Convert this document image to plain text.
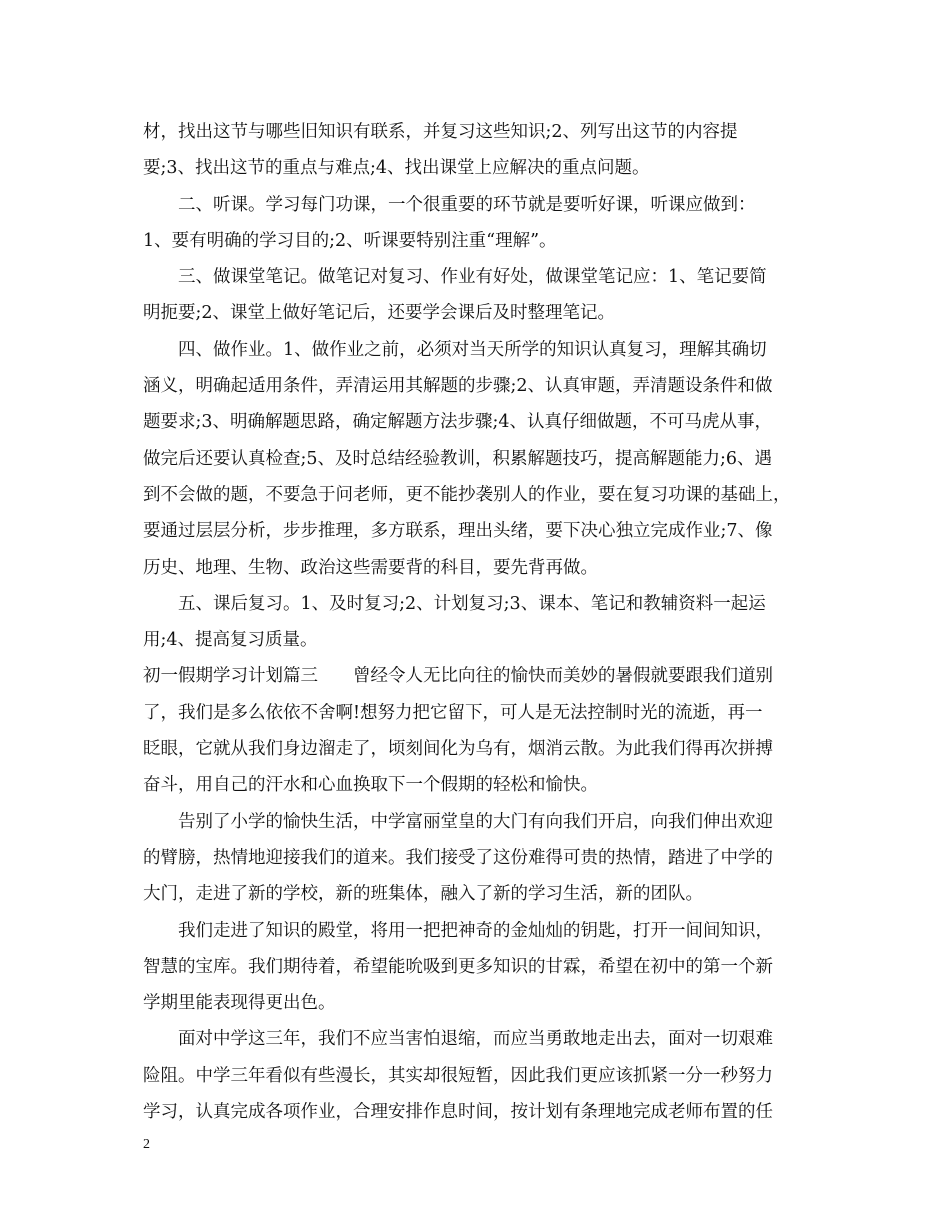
材，找出这节与哪些旧知识有联系，并复习这些知识;2、列写出这节的内容提
要;3、找出这节的重点与难点;4、找出课堂上应解决的重点问题。
二、听课。学习每门功课，一个很重要的环节就是要听好课，听课应做到：
1、要有明确的学习目的;2、听课要特别注重“理解”。
三、做课堂笔记。做笔记对复习、作业有好处，做课堂笔记应：1、笔记要简
明扼要;2、课堂上做好笔记后，还要学会课后及时整理笔记。
四、做作业。1、做作业之前，必须对当天所学的知识认真复习，理解其确切
涵义，明确起适用条件，弄清运用其解题的步骤;2、认真审题，弄清题设条件和做
题要求;3、明确解题思路，确定解题方法步骤;4、认真仔细做题，不可马虎从事，
做完后还要认真检查;5、及时总结经验教训，积累解题技巧，提高解题能力;6、遇
到不会做的题，不要急于问老师，更不能抄袭别人的作业，要在复习功课的基础上，
要通过层层分析，步步推理，多方联系，理出头绪，要下决心独立完成作业;7、像
历史、地理、生物、政治这些需要背的科目，要先背再做。
五、课后复习。1、及时复习;2、计划复习;3、课本、笔记和教辅资料一起运
用;4、提高复习质量。
初一假期学习计划篇三　　曾经令人无比向往的愉快而美妙的暑假就要跟我们道别
了，我们是多么依依不舍啊!想努力把它留下，可人是无法控制时光的流逝，再一
眨眼，它就从我们身边溜走了，顷刻间化为乌有，烟消云散。为此我们得再次拼搏
奋斗，用自己的汗水和心血换取下一个假期的轻松和愉快。
告别了小学的愉快生活，中学富丽堂皇的大门有向我们开启，向我们伸出欢迎
的臂膀，热情地迎接我们的道来。我们接受了这份难得可贵的热情，踏进了中学的
大门，走进了新的学校，新的班集体，融入了新的学习生活，新的团队。
我们走进了知识的殿堂，将用一把把神奇的金灿灿的钥匙，打开一间间知识，
智慧的宝库。我们期待着，希望能吮吸到更多知识的甘霖，希望在初中的第一个新
学期里能表现得更出色。
面对中学这三年，我们不应当害怕退缩，而应当勇敢地走出去，面对一切艰难
险阻。中学三年看似有些漫长，其实却很短暂，因此我们更应该抓紧一分一秒努力
学习，认真完成各项作业，合理安排作息时间，按计划有条理地完成老师布置的任
2
